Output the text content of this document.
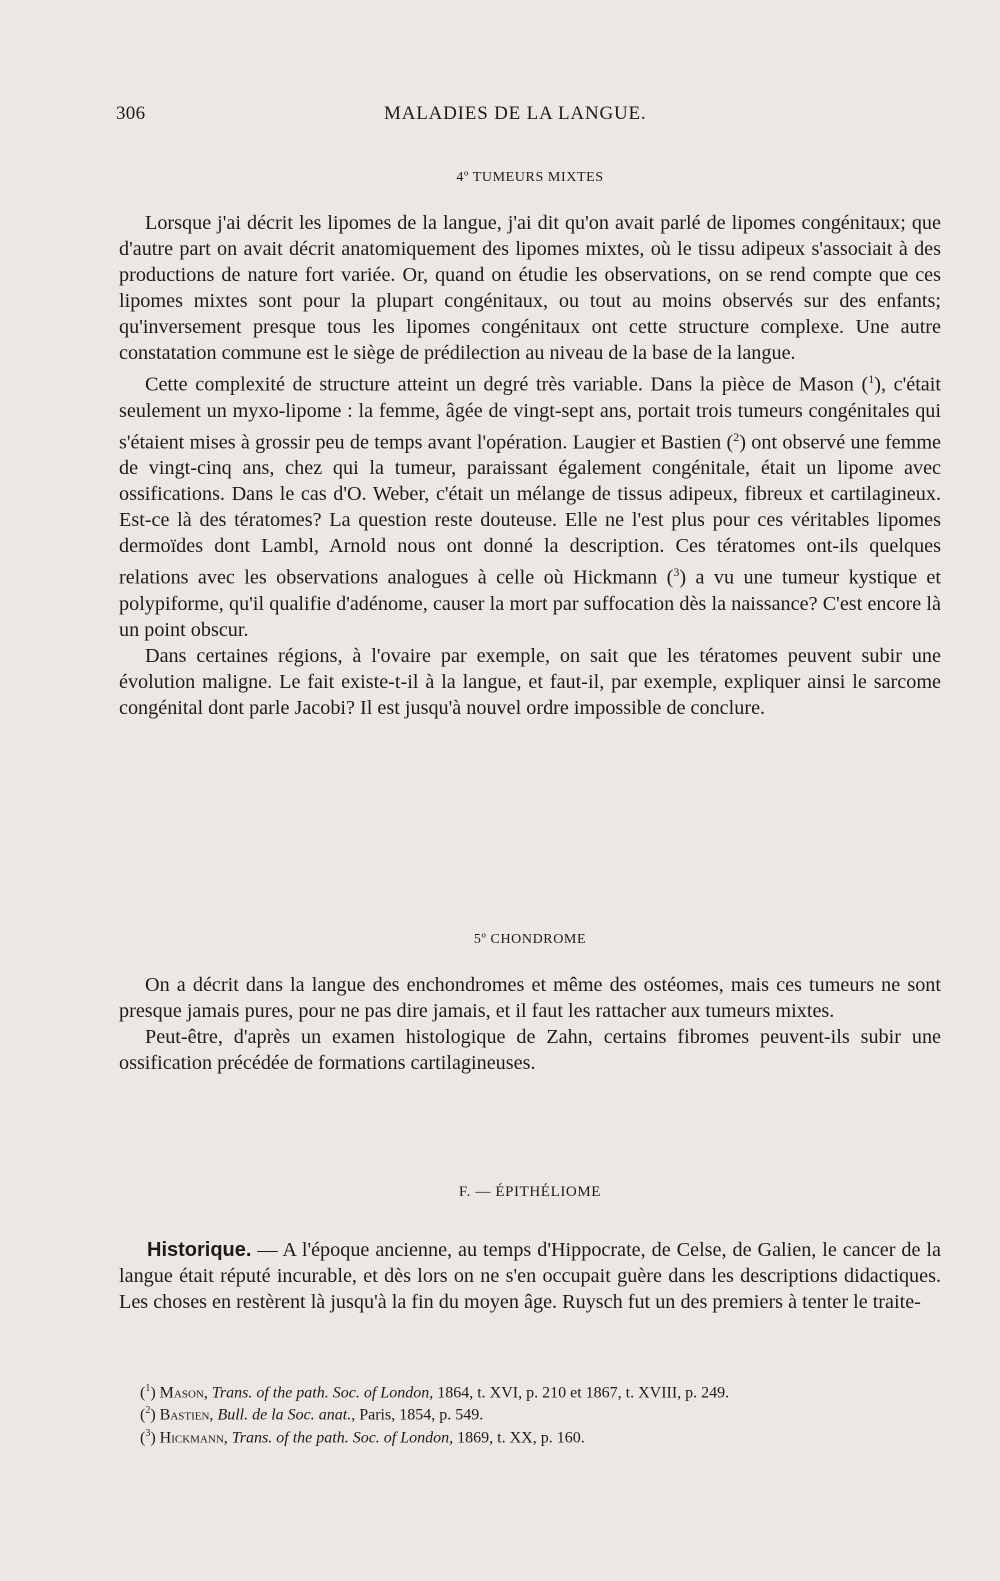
306	MALADIES DE LA LANGUE.
4º TUMEURS MIXTES

Lorsque j'ai décrit les lipomes de la langue, j'ai dit qu'on avait parlé de lipomes congénitaux; que d'autre part on avait décrit anatomiquement des lipomes mixtes, où le tissu adipeux s'associait à des productions de nature fort variée. Or, quand on étudie les observations, on se rend compte que ces lipomes mixtes sont pour la plupart congénitaux, ou tout au moins observés sur des enfants; qu'inversement presque tous les lipomes congénitaux ont cette structure complexe. Une autre constatation commune est le siège de prédilection au niveau de la base de la langue.

Cette complexité de structure atteint un degré très variable. Dans la pièce de Mason ($^1$), c'était seulement un myxo-lipome : la femme, âgée de vingt-sept ans, portait trois tumeurs congénitales qui s'étaient mises à grossir peu de temps avant l'opération. Laugier et Bastien ($^2$) ont observé une femme de vingt-cinq ans, chez qui la tumeur, paraissant également congénitale, était un lipome avec ossifications. Dans le cas d'O. Weber, c'était un mélange de tissus adipeux, fibreux et cartilagineux. Est-ce là des tératomes? La question reste douteuse. Elle ne l'est plus pour ces véritables lipomes dermoïdes dont Lambl, Arnold nous ont donné la description. Ces tératomes ont-ils quelques relations avec les observations analogues à celle où Hickmann ($^3$) a vu une tumeur kystique et polypiforme, qu'il qualifie d'adénome, causer la mort par suffocation dès la naissance? C'est encore là un point obscur.

Dans certaines régions, à l'ovaire par exemple, on sait que les tératomes peuvent subir une évolution maligne. Le fait existe-t-il à la langue, et faut-il, par exemple, expliquer ainsi le sarcome congénital dont parle Jacobi? Il est jusqu'à nouvel ordre impossible de conclure.

5º CHONDROME

On a décrit dans la langue des enchondromes et même des ostéomes, mais ces tumeurs ne sont presque jamais pures, pour ne pas dire jamais, et il faut les rattacher aux tumeurs mixtes.

Peut-être, d'après un examen histologique de Zahn, certains fibromes peuvent-ils subir une ossification précédée de formations cartilagineuses.

F. — ÉPITHÉLIOME

Historique. — A l'époque ancienne, au temps d'Hippocrate, de Celse, de Galien, le cancer de la langue était réputé incurable, et dès lors on ne s'en occupait guère dans les descriptions didactiques. Les choses en restèrent là jusqu'à la fin du moyen âge. Ruysch fut un des premiers à tenter le traite-

($^1$) Mason, Trans. of the path. Soc. of London, 1864, t. XVI, p. 210 et 1867, t. XVIII, p. 249.

($^2$) Bastien, Bull. de la Soc. anat., Paris, 1854, p. 549.

($^3$) Hickmann, Trans. of the path. Soc. of London, 1869, t. XX, p. 160.
